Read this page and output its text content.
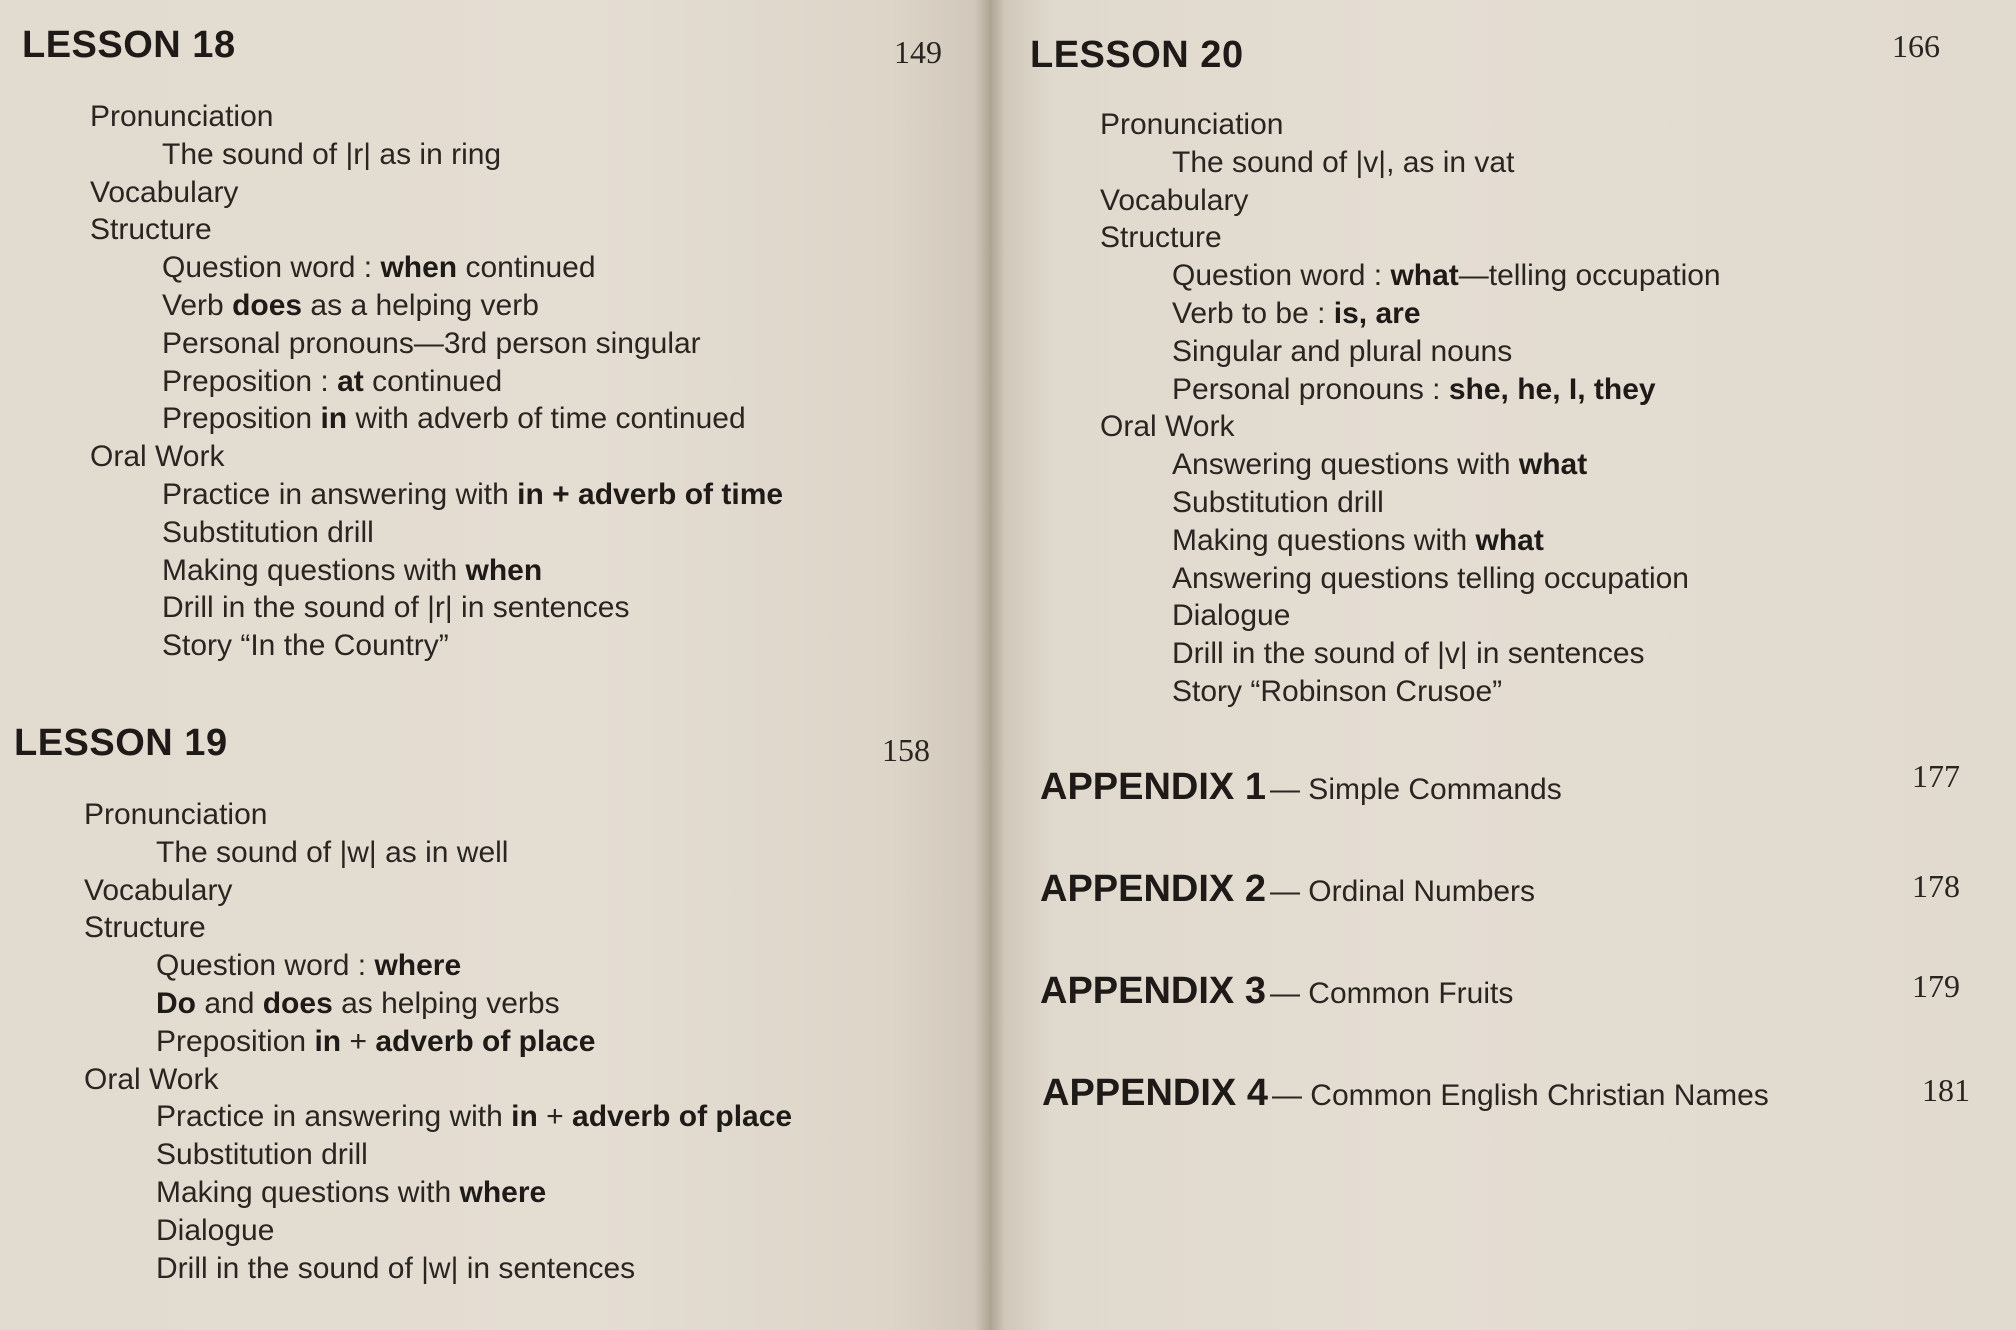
LESSON 18	149
Pronunciation
The sound of |r| as in ring
Vocabulary
Structure
Question word : when continued
Verb does as a helping verb
Personal pronouns—3rd person singular
Preposition : at continued
Preposition in with adverb of time continued
Oral Work
Practice in answering with in + adverb of time
Substitution drill
Making questions with when
Drill in the sound of |r| in sentences
Story “In the Country”
LESSON 19	158
Pronunciation
The sound of |w| as in well
Vocabulary
Structure
Question word : where
Do and does as helping verbs
Preposition in + adverb of place
Oral Work
Practice in answering with in + adverb of place
Substitution drill
Making questions with where
Dialogue
Drill in the sound of |w| in sentences
LESSON 20	166
Pronunciation
The sound of |v|, as in vat
Vocabulary
Structure
Question word : what—telling occupation
Verb to be : is, are
Singular and plural nouns
Personal pronouns : she, he, I, they
Oral Work
Answering questions with what
Substitution drill
Making questions with what
Answering questions telling occupation
Dialogue
Drill in the sound of |v| in sentences
Story “Robinson Crusoe”
APPENDIX 1 — Simple Commands	177
APPENDIX 2 — Ordinal Numbers	178
APPENDIX 3 — Common Fruits	179
APPENDIX 4 — Common English Christian Names	181
